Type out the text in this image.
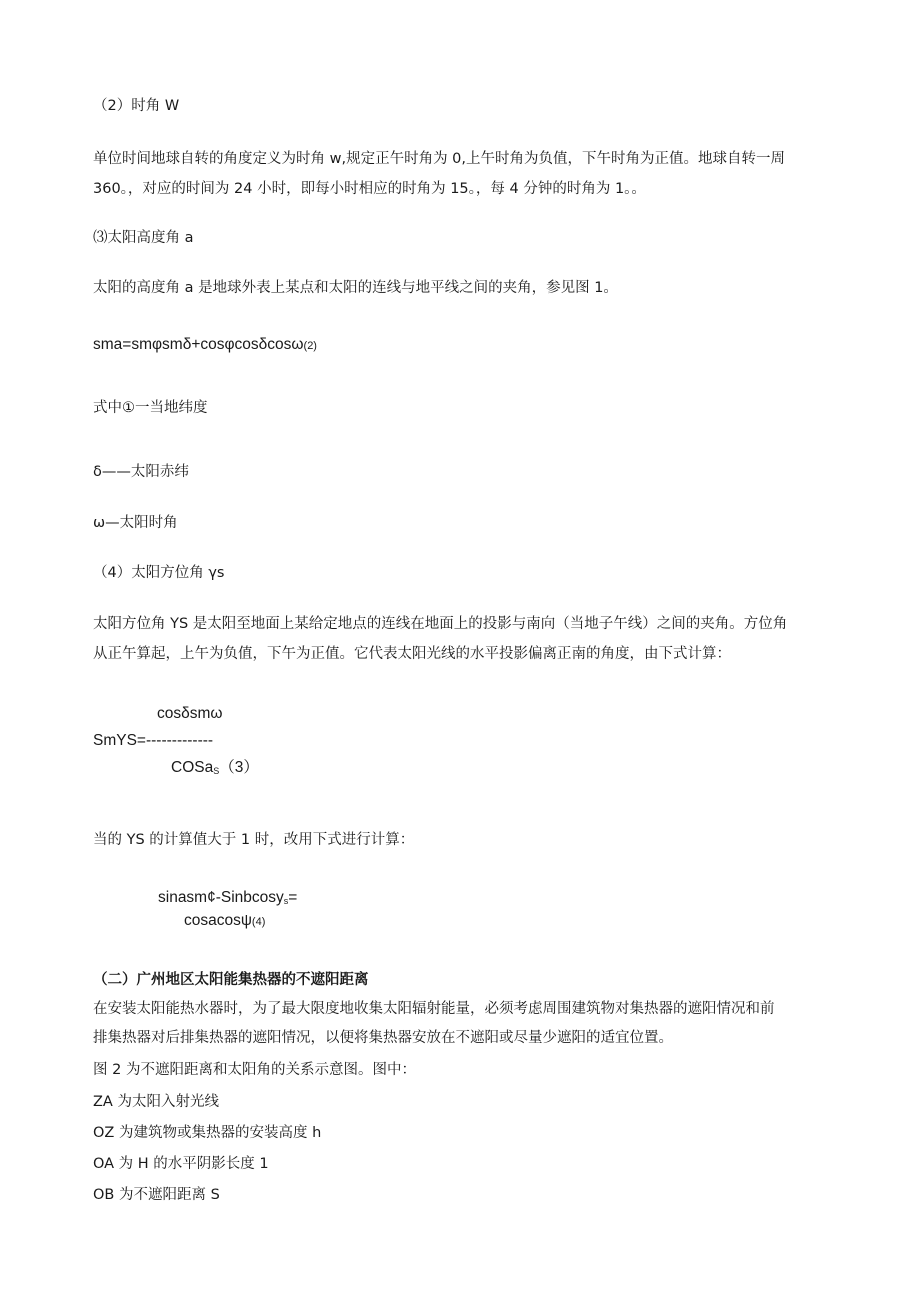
（2）时角 W
单位时间地球自转的角度定义为时角 w,规定正午时角为 0,上午时角为负值，下午时角为正值。地球自转一周
360。，对应的时间为 24 小时，即每小时相应的时角为 15。，每 4 分钟的时角为 1。。
⑶太阳高度角 a
太阳的高度角 a 是地球外表上某点和太阳的连线与地平线之间的夹角，参见图 1。
sma=smφsmδ+cosφcosδcosω(2)
式中①一当地纬度
δ——太阳赤纬
ω—太阳时角
（4）太阳方位角 γs
太阳方位角 YS 是太阳至地面上某给定地点的连线在地面上的投影与南向（当地子午线）之间的夹角。方位角
从正午算起，上午为负值，下午为正值。它代表太阳光线的水平投影偏离正南的角度，由下式计算：
cosδsmω
SmYS=-------------
COSa$_S$（3）
当的 YS 的计算值大于 1 时，改用下式进行计算：
sinasm¢-Sinbcosy$_s$=
cosacosψ(4)
（二）广州地区太阳能集热器的不遮阳距离
在安装太阳能热水器时，为了最大限度地收集太阳辐射能量，必须考虑周围建筑物对集热器的遮阳情况和前
排集热器对后排集热器的遮阳情况，以便将集热器安放在不遮阳或尽量少遮阳的适宜位置。
图 2 为不遮阳距离和太阳角的关系示意图。图中：
ZA 为太阳入射光线
OZ 为建筑物或集热器的安装高度 h
OA 为 H 的水平阴影长度 1
OB 为不遮阳距离 S
